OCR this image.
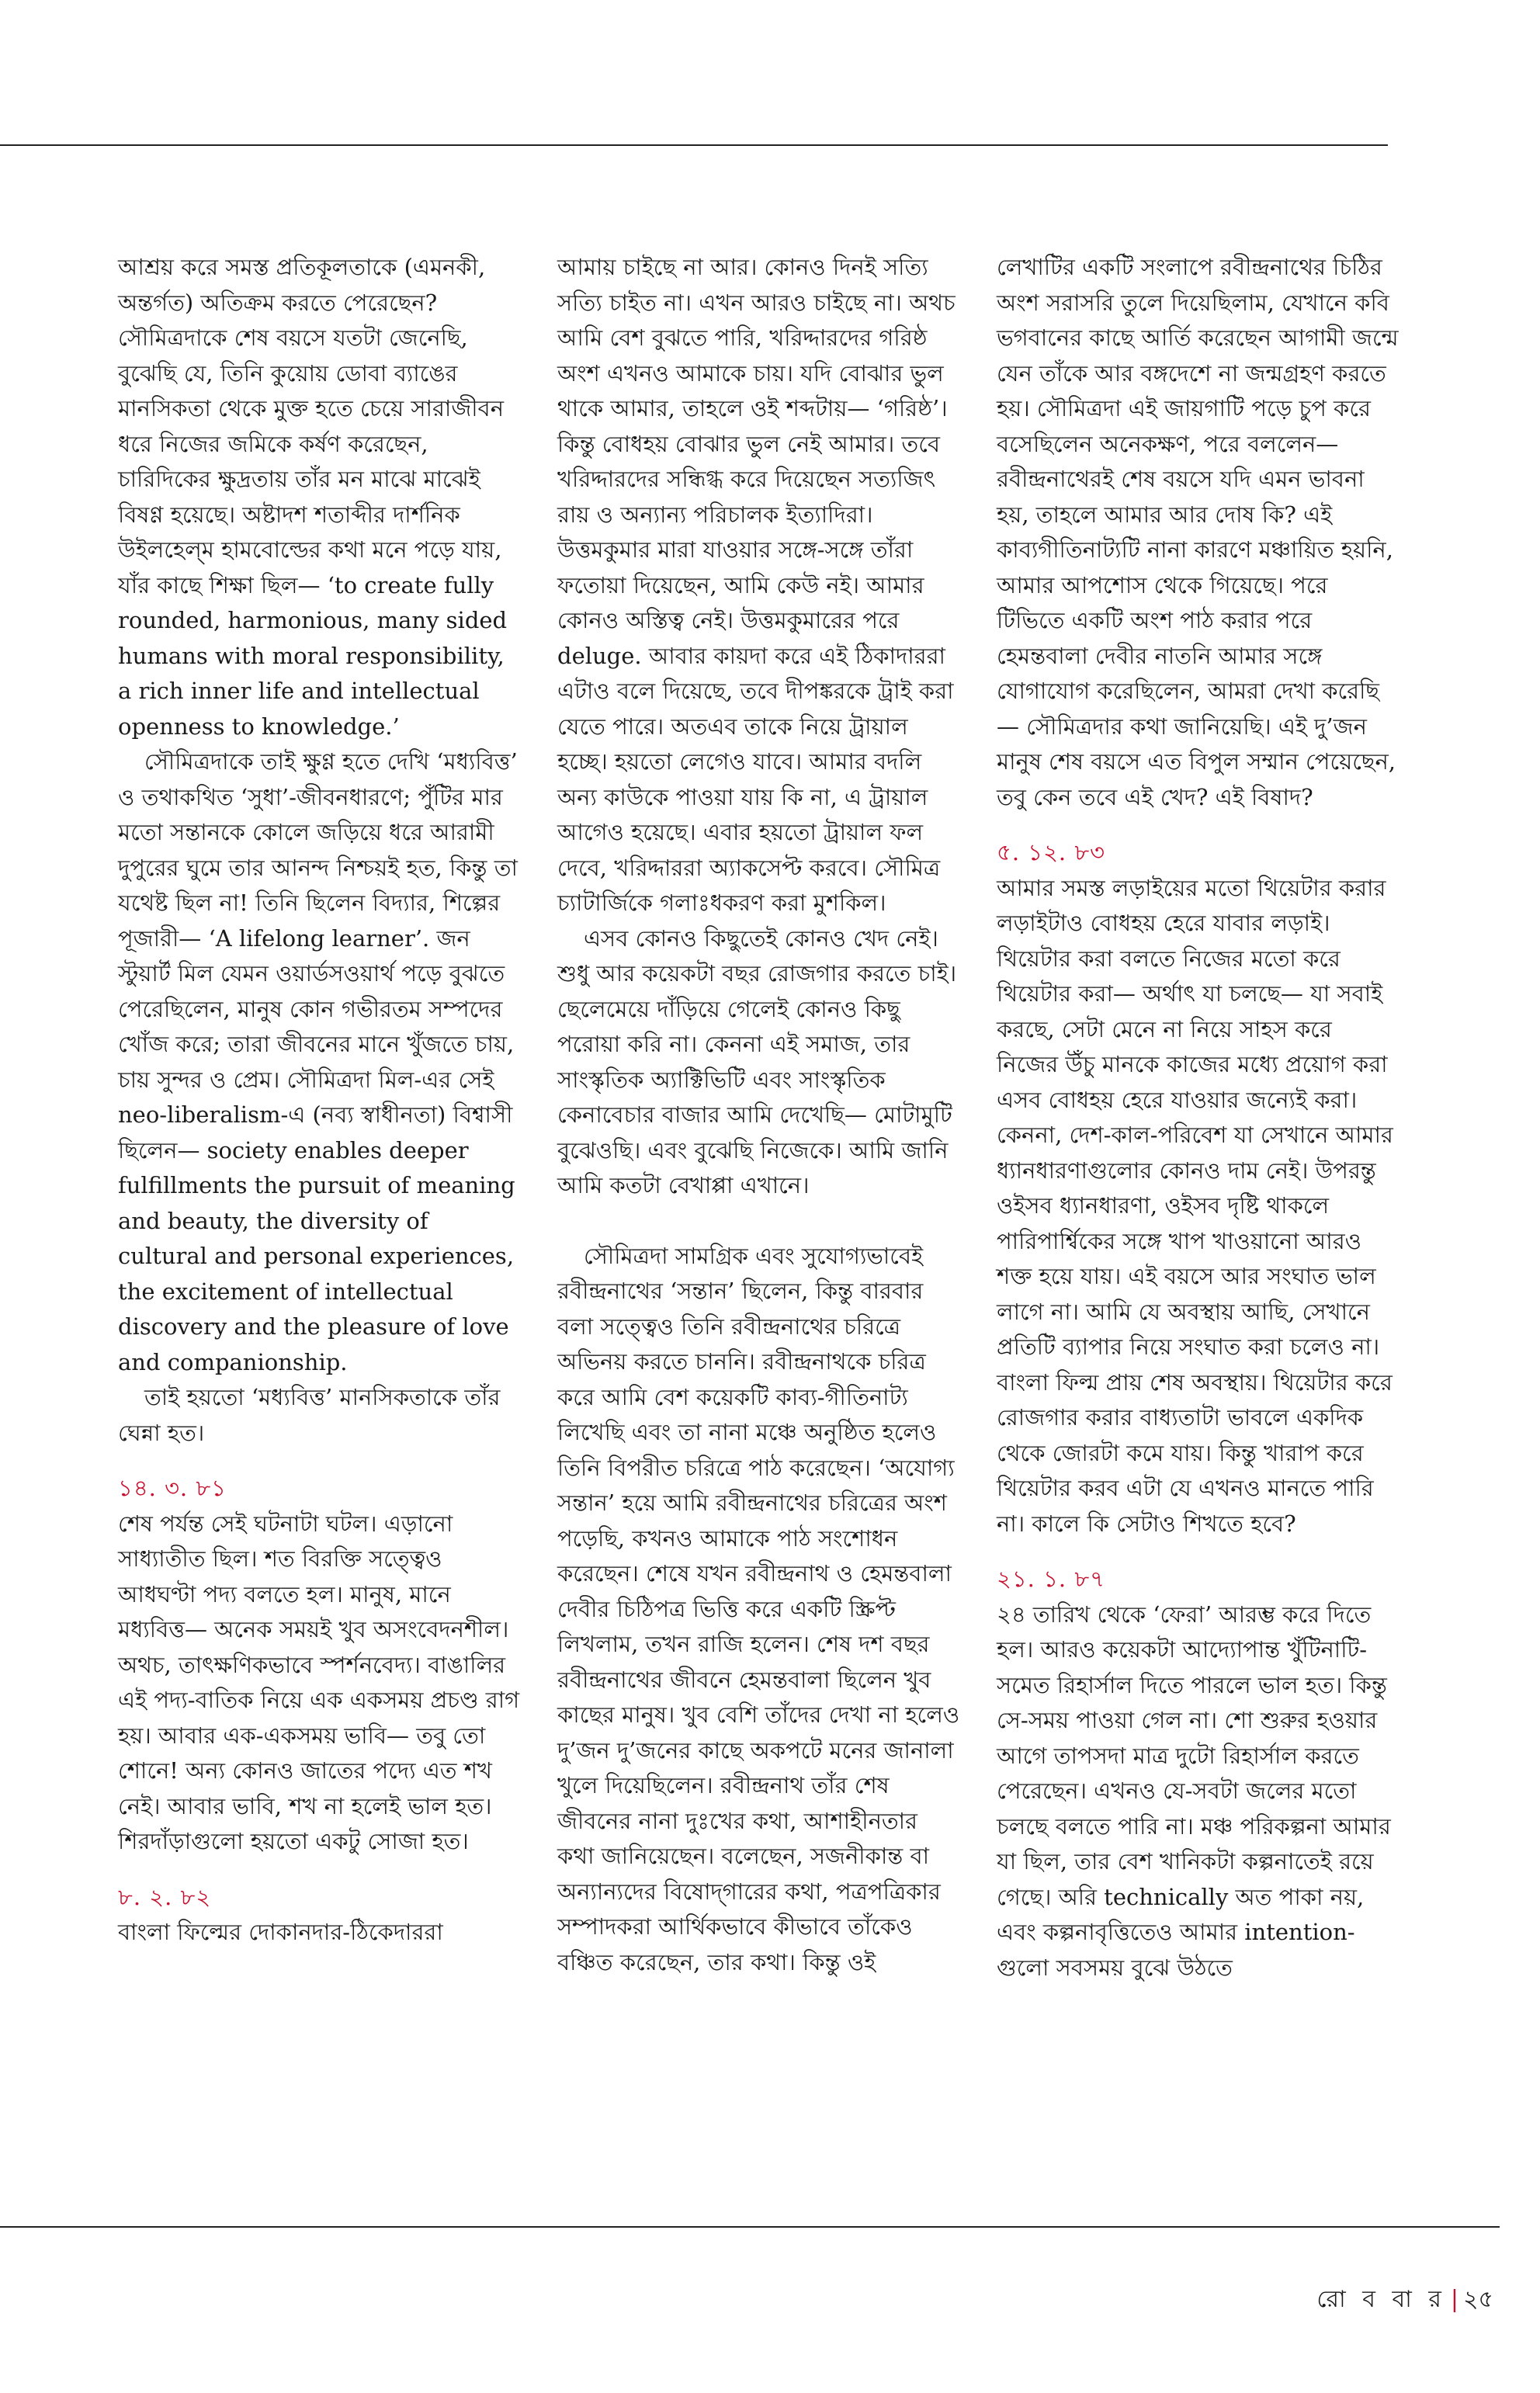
আশ্রয় করে সমস্ত প্রতিকূলতাকে (এমনকী, অন্তর্গত) অতিক্রম করতে পেরেছেন? সৌমিত্রদাকে শেষ বয়সে যতটা জেনেছি, বুঝেছি যে, তিনি কুয়োয় ডোবা ব্যাঙের মানসিকতা থেকে মুক্ত হতে চেয়ে সারাজীবন ধরে নিজের জমিকে কর্ষণ করেছেন, চারিদিকের ক্ষুদ্রতায় তাঁর মন মাঝে মাঝেই বিষণ্ণ হয়েছে। অষ্টাদশ শতাব্দীর দার্শনিক উইলহেল্‌ম হামবোল্ডের কথা মনে পড়ে যায়, যাঁর কাছে শিক্ষা ছিল— ‘to create fully rounded, harmonious, many sided humans with moral responsibility, a rich inner life and intellectual openness to knowledge.’

সৌমিত্রদাকে তাই ক্ষুণ্ণ হতে দেখি ‘মধ্যবিত্ত’ ও তথাকথিত ‘সুধা’-জীবনধারণে; পুঁটির মার মতো সন্তানকে কোলে জড়িয়ে ধরে আরামী দুপুরের ঘুমে তার আনন্দ নিশ্চয়ই হত, কিন্তু তা যথেষ্ট ছিল না! তিনি ছিলেন বিদ্যার, শিল্পের পূজারী— ‘A lifelong learner’. জন স্টুয়ার্ট মিল যেমন ওয়ার্ডসওয়ার্থ পড়ে বুঝতে পেরেছিলেন, মানুষ কোন গভীরতম সম্পদের খোঁজ করে; তারা জীবনের মানে খুঁজতে চায়, চায় সুন্দর ও প্রেম। সৌমিত্রদা মিল-এর সেই neo-liberalism-এ (নব্য স্বাধীনতা) বিশ্বাসী ছিলেন— society enables deeper fulfillments the pursuit of meaning and beauty, the diversity of cultural and personal experiences, the excitement of intellectual discovery and the pleasure of love and companionship.

তাই হয়তো ‘মধ্যবিত্ত’ মানসিকতাকে তাঁর ঘেন্না হত।

১৪. ৩. ৮১

শেষ পর্যন্ত সেই ঘটনাটা ঘটল। এড়ানো সাধ্যাতীত ছিল। শত বিরক্তি সত্ত্বেও আধঘণ্টা পদ্য বলতে হল। মানুষ, মানে মধ্যবিত্ত— অনেক সময়ই খুব অসংবেদনশীল। অথচ, তাৎক্ষণিকভাবে স্পর্শনবেদ্য। বাঙালির এই পদ্য-বাতিক নিয়ে এক একসময় প্রচণ্ড রাগ হয়। আবার এক-একসময় ভাবি— তবু তো শোনে! অন্য কোনও জাতের পদ্যে এত শখ নেই। আবার ভাবি, শখ না হলেই ভাল হত। শিরদাঁড়াগুলো হয়তো একটু সোজা হত।

৮. ২. ৮২

বাংলা ফিল্মের দোকানদার-ঠিকেদাররা

আমায় চাইছে না আর। কোনও দিনই সত্যি সত্যি চাইত না। এখন আরও চাইছে না। অথচ আমি বেশ বুঝতে পারি, খরিদ্দারদের গরিষ্ঠ অংশ এখনও আমাকে চায়। যদি বোঝার ভুল থাকে আমার, তাহলে ওই শব্দটায়— ‘গরিষ্ঠ’। কিন্তু বোধহয় বোঝার ভুল নেই আমার। তবে খরিদ্দারদের সন্ধিগ্ধ করে দিয়েছেন সত্যজিৎ রায় ও অন্যান্য পরিচালক ইত্যাদিরা। উত্তমকুমার মারা যাওয়ার সঙ্গে-সঙ্গে তাঁরা ফতোয়া দিয়েছেন, আমি কেউ নই। আমার কোনও অস্তিত্ব নেই। উত্তমকুমারের পরে deluge. আবার কায়দা করে এই ঠিকাদাররা এটাও বলে দিয়েছে, তবে দীপঙ্করকে ট্রাই করা যেতে পারে। অতএব তাকে নিয়ে ট্রায়াল হচ্ছে। হয়তো লেগেও যাবে। আমার বদলি অন্য কাউকে পাওয়া যায় কি না, এ ট্রায়াল আগেও হয়েছে। এবার হয়তো ট্রায়াল ফল দেবে, খরিদ্দাররা অ্যাকসেপ্ট করবে। সৌমিত্র চ্যাটার্জিকে গলাঃধকরণ করা মুশকিল।

এসব কোনও কিছুতেই কোনও খেদ নেই। শুধু আর কয়েকটা বছর রোজগার করতে চাই। ছেলেমেয়ে দাঁড়িয়ে গেলেই কোনও কিছু পরোয়া করি না। কেননা এই সমাজ, তার সাংস্কৃতিক অ্যাক্টিভিটি এবং সাংস্কৃতিক কেনাবেচার বাজার আমি দেখেছি— মোটামুটি বুঝেওছি। এবং বুঝেছি নিজেকে। আমি জানি আমি কতটা বেখাপ্পা এখানে।

সৌমিত্রদা সামগ্রিক এবং সুযোগ্যভাবেই রবীন্দ্রনাথের ‘সন্তান’ ছিলেন, কিন্তু বারবার বলা সত্ত্বেও তিনি রবীন্দ্রনাথের চরিত্রে অভিনয় করতে চাননি। রবীন্দ্রনাথকে চরিত্র করে আমি বেশ কয়েকটি কাব্য-গীতিনাট্য লিখেছি এবং তা নানা মঞ্চে অনুষ্ঠিত হলেও তিনি বিপরীত চরিত্রে পাঠ করেছেন। ‘অযোগ্য সন্তান’ হয়ে আমি রবীন্দ্রনাথের চরিত্রের অংশ পড়েছি, কখনও আমাকে পাঠ সংশোধন করেছেন। শেষে যখন রবীন্দ্রনাথ ও হেমন্তবালা দেবীর চিঠিপত্র ভিত্তি করে একটি স্ক্রিপ্ট লিখলাম, তখন রাজি হলেন। শেষ দশ বছর রবীন্দ্রনাথের জীবনে হেমন্তবালা ছিলেন খুব কাছের মানুষ। খুব বেশি তাঁদের দেখা না হলেও দু’জন দু’জনের কাছে অকপটে মনের জানালা খুলে দিয়েছিলেন। রবীন্দ্রনাথ তাঁর শেষ জীবনের নানা দুঃখের কথা, আশাহীনতার কথা জানিয়েছেন। বলেছেন, সজনীকান্ত বা অন্যান্যদের বিষোদ্‌গারের কথা, পত্রপত্রিকার সম্পাদকরা আর্থিকভাবে কীভাবে তাঁকেও বঞ্চিত করেছেন, তার কথা। কিন্তু ওই

লেখাটির একটি সংলাপে রবীন্দ্রনাথের চিঠির অংশ সরাসরি তুলে দিয়েছিলাম, যেখানে কবি ভগবানের কাছে আর্তি করেছেন আগামী জন্মে যেন তাঁকে আর বঙ্গদেশে না জন্মগ্রহণ করতে হয়। সৌমিত্রদা এই জায়গাটি পড়ে চুপ করে বসেছিলেন অনেকক্ষণ, পরে বললেন— রবীন্দ্রনাথেরই শেষ বয়সে যদি এমন ভাবনা হয়, তাহলে আমার আর দোষ কি? এই কাব্যগীতিনাট্যটি নানা কারণে মঞ্চায়িত হয়নি, আমার আপশোস থেকে গিয়েছে। পরে টিভিতে একটি অংশ পাঠ করার পরে হেমন্তবালা দেবীর নাতনি আমার সঙ্গে যোগাযোগ করেছিলেন, আমরা দেখা করেছি— সৌমিত্রদার কথা জানিয়েছি। এই দু’জন মানুষ শেষ বয়সে এত বিপুল সম্মান পেয়েছেন, তবু কেন তবে এই খেদ? এই বিষাদ?

৫. ১২. ৮৩

আমার সমস্ত লড়াইয়ের মতো থিয়েটার করার লড়াইটাও বোধহয় হেরে যাবার লড়াই। থিয়েটার করা বলতে নিজের মতো করে থিয়েটার করা— অর্থাৎ যা চলছে— যা সবাই করছে, সেটা মেনে না নিয়ে সাহস করে নিজের উঁচু মানকে কাজের মধ্যে প্রয়োগ করা এসব বোধহয় হেরে যাওয়ার জন্যেই করা। কেননা, দেশ-কাল-পরিবেশ যা সেখানে আমার ধ্যানধারণাগুলোর কোনও দাম নেই। উপরন্তু ওইসব ধ্যানধারণা, ওইসব দৃষ্টি থাকলে পারিপার্শ্বিকের সঙ্গে খাপ খাওয়ানো আরও শক্ত হয়ে যায়। এই বয়সে আর সংঘাত ভাল লাগে না। আমি যে অবস্থায় আছি, সেখানে প্রতিটি ব্যাপার নিয়ে সংঘাত করা চলেও না। বাংলা ফিল্ম প্রায় শেষ অবস্থায়। থিয়েটার করে রোজগার করার বাধ্যতাটা ভাবলে একদিক থেকে জোরটা কমে যায়। কিন্তু খারাপ করে থিয়েটার করব এটা যে এখনও মানতে পারি না। কালে কি সেটাও শিখতে হবে?

২১. ১. ৮৭

২৪ তারিখ থেকে ‘ফেরা’ আরম্ভ করে দিতে হল। আরও কয়েকটা আদ্যোপান্ত খুঁটিনাটি-সমেত রিহার্সাল দিতে পারলে ভাল হত। কিন্তু সে-সময় পাওয়া গেল না। শো শুরুর হওয়ার আগে তাপসদা মাত্র দুটো রিহার্সাল করতে পেরেছেন। এখনও যে-সবটা জলের মতো চলছে বলতে পারি না। মঞ্চ পরিকল্পনা আমার যা ছিল, তার বেশ খানিকটা কল্পনাতেই রয়ে গেছে। অরি technically অত পাকা নয়, এবং কল্পনাবৃত্তিতেও আমার intention-গুলো সবসময় বুঝে উঠতে

রো ব বা র | ২৫
